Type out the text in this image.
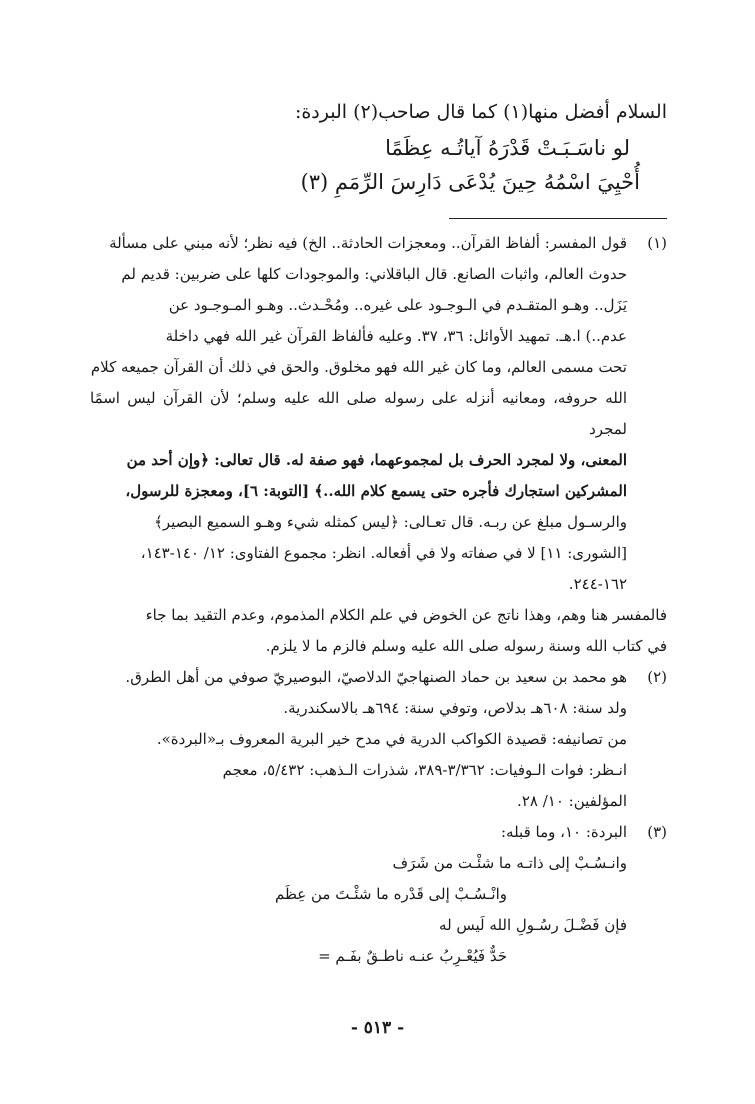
السلام أفضل منها(١) كما قال صاحب(٢) البردة:
لو ناسَـبَـتْ قَدْرَهُ آياتُـه عِظَمًا
أُحْيِيَ اسْمُهُ حِينَ يُدْعَى دَارِسَ الرِّمَمِ (٣)
(١)

قول المفسر: ألفاظ القرآن.. ومعجزات الحادثة.. الخ) فيه نظر؛ لأنه مبني على مسألة

حدوث العالم، واثبات الصانع. قال الباقلاني: والموجودات كلها على ضربين: قديم لم

يَزَل.. وهـو المتقـدم في الـوجـود على غيره.. ومُحْـدث.. وهـو المـوجـود عن

عدم..) ا.هـ. تمهيد الأوائل: ٣٦، ٣٧. وعليه فألفاظ القرآن غير الله فهي داخلة

تحت مسمى العالم، وما كان غير الله فهو مخلوق. والحق في ذلك أن القرآن جميعه كلام

الله حروفه، ومعانيه أنزله على رسوله صلى الله عليه وسلم؛ لأن القرآن ليس اسمًا لمجرد

المعنى، ولا لمجرد الحرف بل لمجموعهما، فهو صفة له. قال تعالى: ﴿وإن أحد من

المشركين استجارك فأجره حتى يسمع كلام الله..﴾ [التوبة: ٦]، ومعجزة للرسول،

والرسـول مبلغ عن ربـه. قال تعـالى: ﴿ليس كمثله شيء وهـو السميع البصير﴾

[الشورى: ١١] لا في صفاته ولا في أفعاله. انظر: مجموع الفتاوى: ١٢/ ١٤٠-١٤٣،

١٦٢-٢٤٤.

فالمفسر هنا وهم، وهذا ناتج عن الخوض في علم الكلام المذموم، وعدم التقيد بما جاء

في كتاب الله وسنة رسوله صلى الله عليه وسلم فالزم ما لا يلزم.

(٢)

هو محمد بن سعيد بن حماد الصنهاجيّ الدلاصيّ، البوصيريّ صوفي من أهل الطرق.

ولد سنة: ٦٠٨هـ بدلاص، وتوفي سنة: ٦٩٤هـ بالاسكندرية.

من تصانيفه: قصيدة الكواكب الدرية في مدح خير البرية المعروف بـ«البردة».

انـظر: فوات الـوفيات: ٣/٣٦٢-٣٨٩، شذرات الـذهب: ٥/٤٣٢، معجم

المؤلفين: ١٠/ ٢٨.

(٣)

البردة: ١٠، وما قبله:

وانـسُـبْ إلى ذاتـه ما شئْـت من شَرَف
وانْـسُـبْ إلى قَدْره ما شئْـتَ من عِظَم
فإن فَضْـلَ رسُـولِ الله لَيس له
حَدٌّ فَيُعْـرِبُ عنـه ناطـقٌ بفَـم =
- ٥١٣ -
